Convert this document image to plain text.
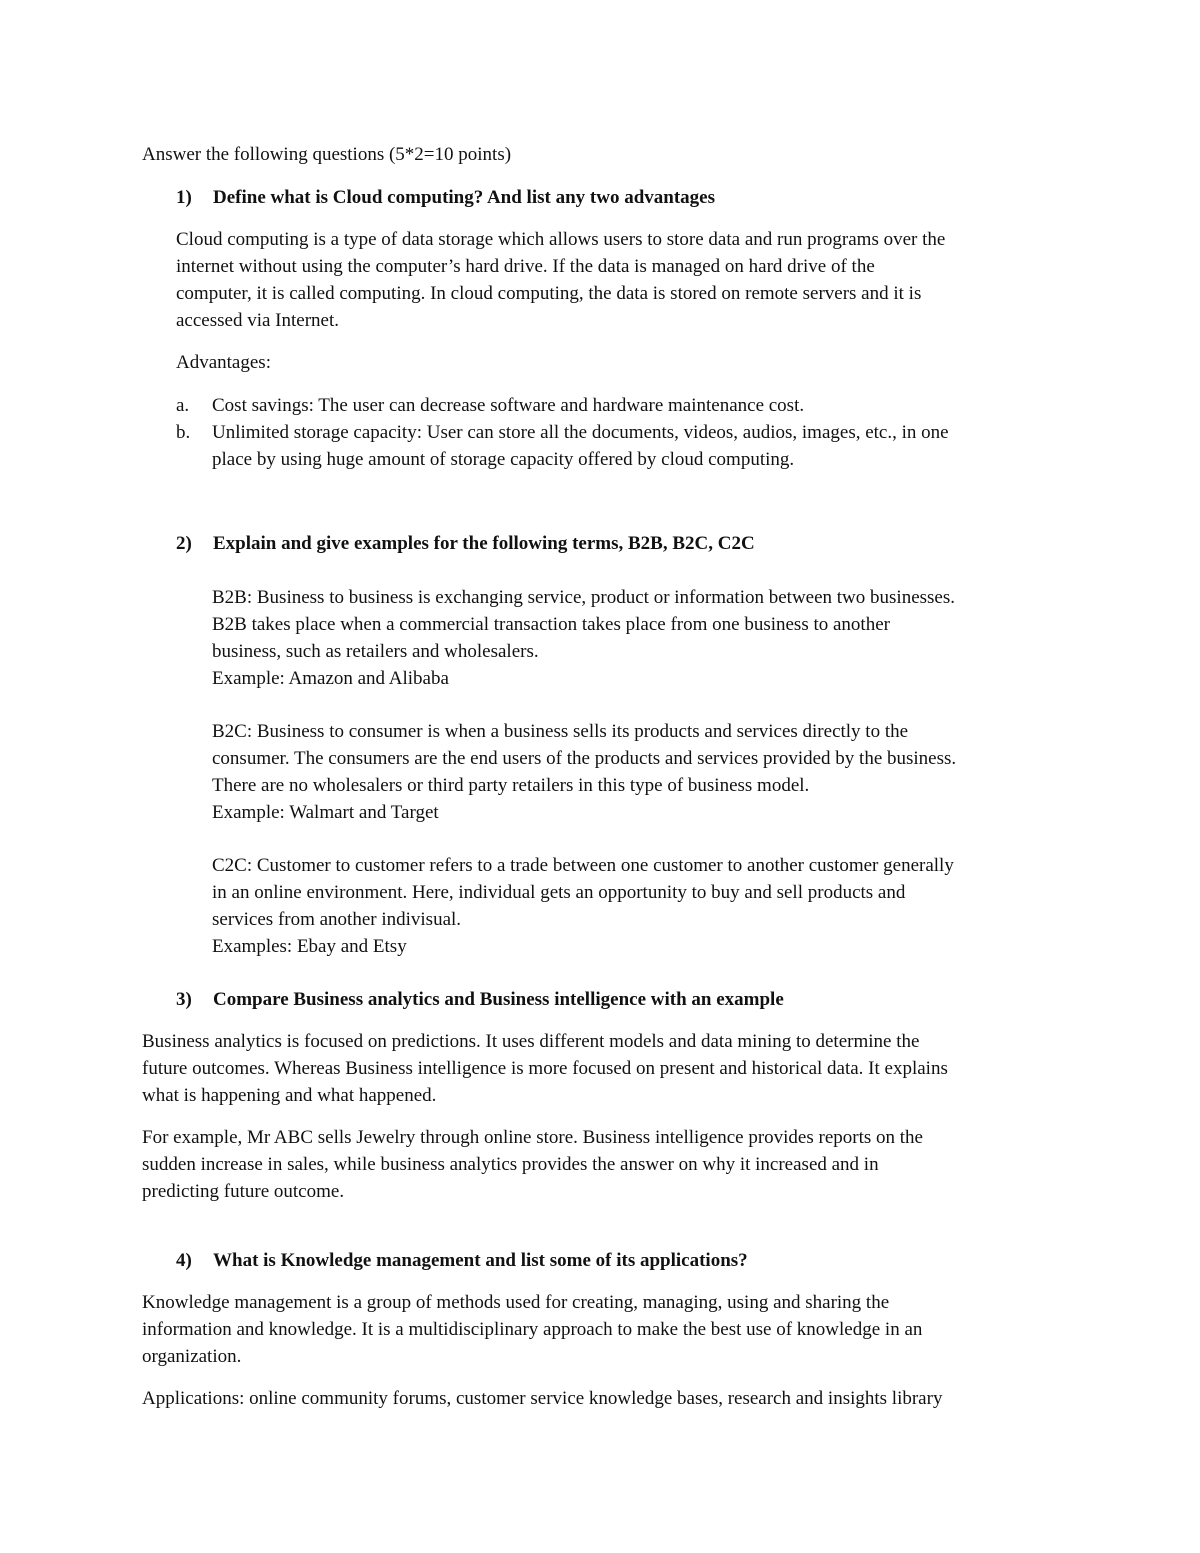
Answer the following questions (5*2=10 points)

1) Define what is Cloud computing? And list any two advantages
Cloud computing is a type of data storage which allows users to store data and run programs over the
internet without using the computer’s hard drive. If the data is managed on hard drive of the
computer, it is called computing. In cloud computing, the data is stored on remote servers and it is
accessed via Internet.

Advantages:

a. Cost savings: The user can decrease software and hardware maintenance cost.
b. Unlimited storage capacity: User can store all the documents, videos, audios, images, etc., in one
place by using huge amount of storage capacity offered by cloud computing.
2) Explain and give examples for the following terms, B2B, B2C, C2C
B2B: Business to business is exchanging service, product or information between two businesses.
B2B takes place when a commercial transaction takes place from one business to another
business, such as retailers and wholesalers.
Example: Amazon and Alibaba
B2C: Business to consumer is when a business sells its products and services directly to the
consumer. The consumers are the end users of the products and services provided by the business.
There are no wholesalers or third party retailers in this type of business model.
Example: Walmart and Target
C2C: Customer to customer refers to a trade between one customer to another customer generally
in an online environment. Here, individual gets an opportunity to buy and sell products and
services from another indivisual.
Examples: Ebay and Etsy
3) Compare Business analytics and Business intelligence with an example
Business analytics is focused on predictions. It uses different models and data mining to determine the
future outcomes. Whereas Business intelligence is more focused on present and historical data. It explains
what is happening and what happened.
For example, Mr ABC sells Jewelry through online store. Business intelligence provides reports on the
sudden increase in sales, while business analytics provides the answer on why it increased and in
predicting future outcome.
4) What is Knowledge management and list some of its applications?
Knowledge management is a group of methods used for creating, managing, using and sharing the
information and knowledge. It is a multidisciplinary approach to make the best use of knowledge in an
organization.

Applications: online community forums, customer service knowledge bases, research and insights library
